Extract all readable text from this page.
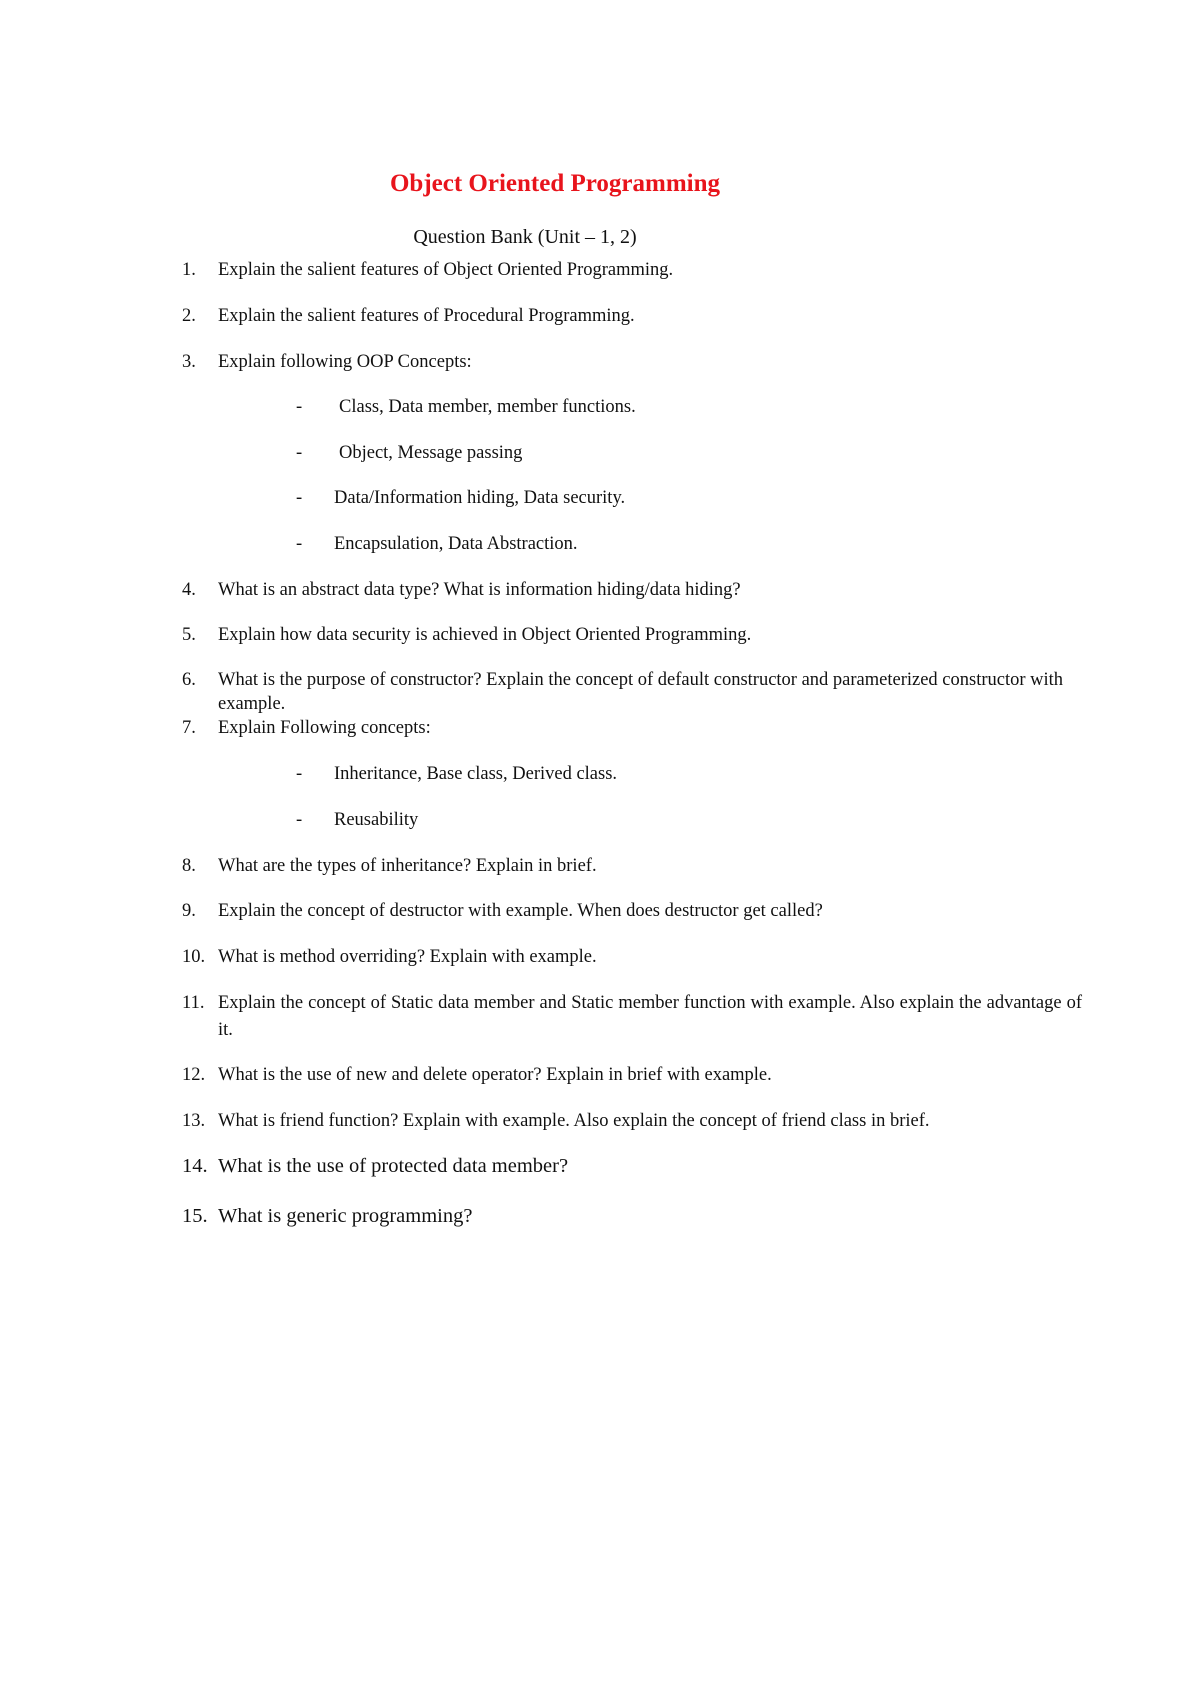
Object Oriented Programming

Question Bank (Unit – 1, 2)

1. Explain the salient features of Object Oriented Programming.
2. Explain the salient features of Procedural Programming.
3. Explain following OOP Concepts:
- Class, Data member, member functions.
- Object, Message passing
- Data/Information hiding, Data security.
- Encapsulation, Data Abstraction.
4. What is an abstract data type? What is information hiding/data hiding?
5. Explain how data security is achieved in Object Oriented Programming.
6. What is the purpose of constructor? Explain the concept of default constructor and parameterized constructor with example.
7. Explain Following concepts:
- Inheritance, Base class, Derived class.
- Reusability
8. What are the types of inheritance? Explain in brief.
9. Explain the concept of destructor with example. When does destructor get called?
10. What is method overriding? Explain with example.
11. Explain the concept of Static data member and Static member function with example. Also explain the advantage of it.
12. What is the use of new and delete operator? Explain in brief with example.
13. What is friend function? Explain with example. Also explain the concept of friend class in brief.
14. What is the use of protected data member?
15. What is generic programming?
